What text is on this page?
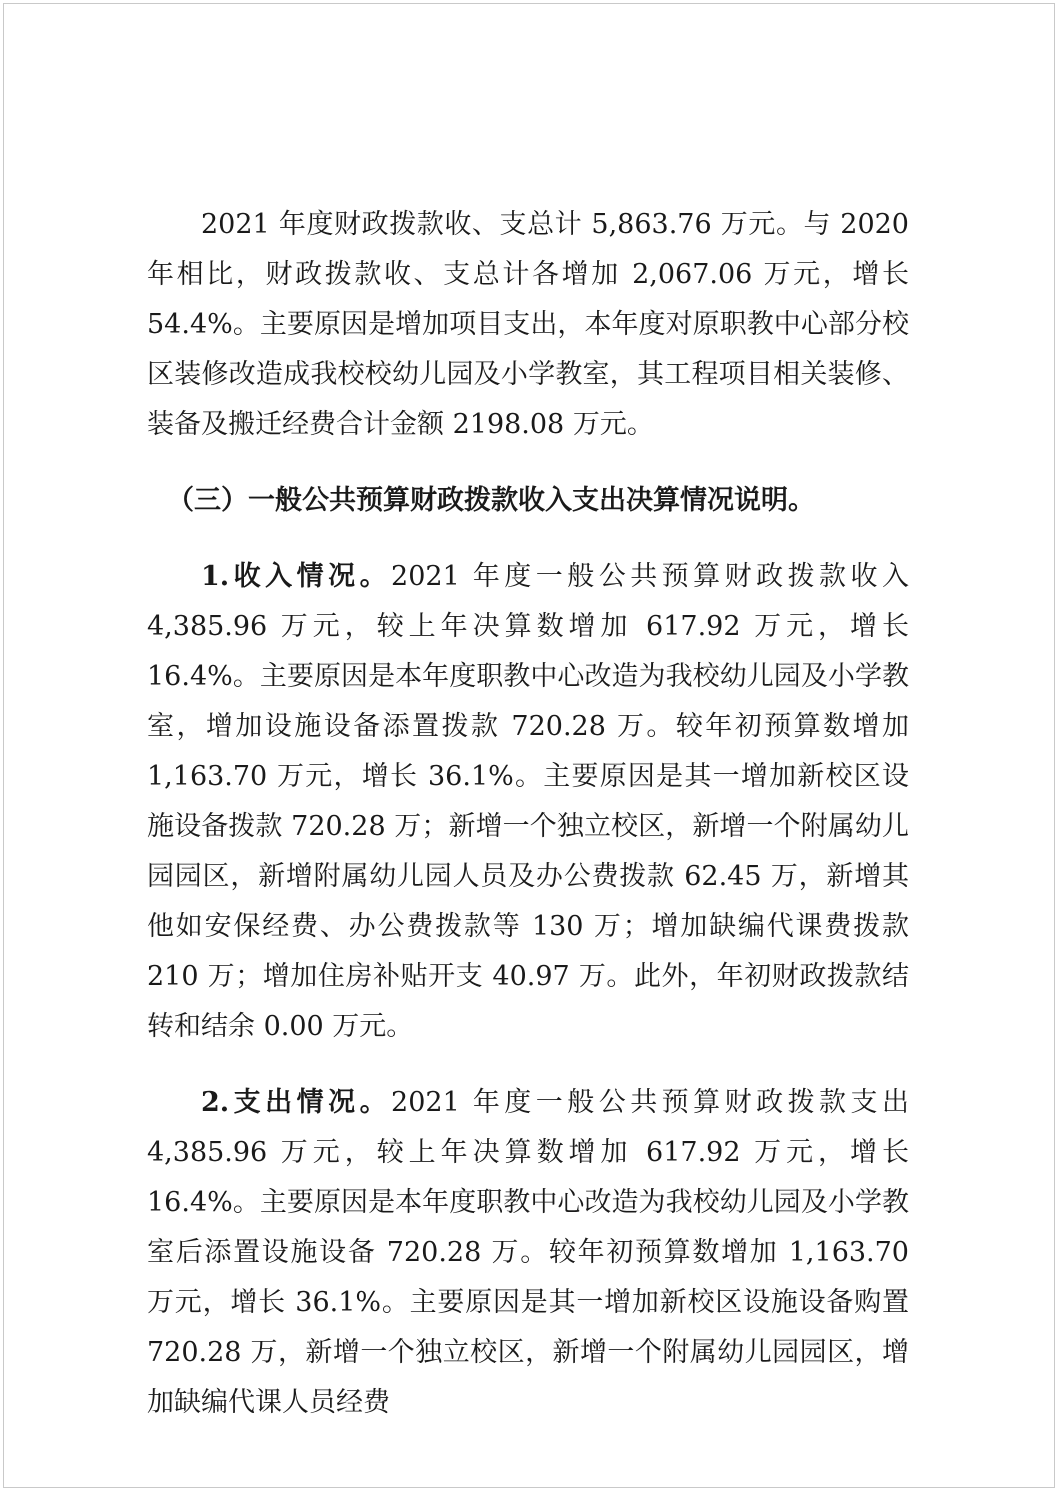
2021 年度财政拨款收、支总计 5,863.76 万元。与 2020 年相比，财政拨款收、支总计各增加 2,067.06 万元，增长 54.4%。主要原因是增加项目支出，本年度对原职教中心部分校区装修改造成我校校幼儿园及小学教室，其工程项目相关装修、装备及搬迁经费合计金额 2198.08 万元。

（三）一般公共预算财政拨款收入支出决算情况说明。

1.收入情况。2021 年度一般公共预算财政拨款收入 4,385.96 万元，较上年决算数增加 617.92 万元，增长 16.4%。主要原因是本年度职教中心改造为我校幼儿园及小学教室，增加设施设备添置拨款 720.28 万。较年初预算数增加 1,163.70 万元，增长 36.1%。主要原因是其一增加新校区设施设备拨款 720.28 万；新增一个独立校区，新增一个附属幼儿园园区，新增附属幼儿园人员及办公费拨款 62.45 万，新增其他如安保经费、办公费拨款等 130 万；增加缺编代课费拨款 210 万；增加住房补贴开支 40.97 万。此外，年初财政拨款结转和结余 0.00 万元。

2.支出情况。2021 年度一般公共预算财政拨款支出 4,385.96 万元，较上年决算数增加 617.92 万元，增长 16.4%。主要原因是本年度职教中心改造为我校幼儿园及小学教室后添置设施设备 720.28 万。较年初预算数增加 1,163.70 万元，增长 36.1%。主要原因是其一增加新校区设施设备购置 720.28 万，新增一个独立校区，新增一个附属幼儿园园区，增加缺编代课人员经费
